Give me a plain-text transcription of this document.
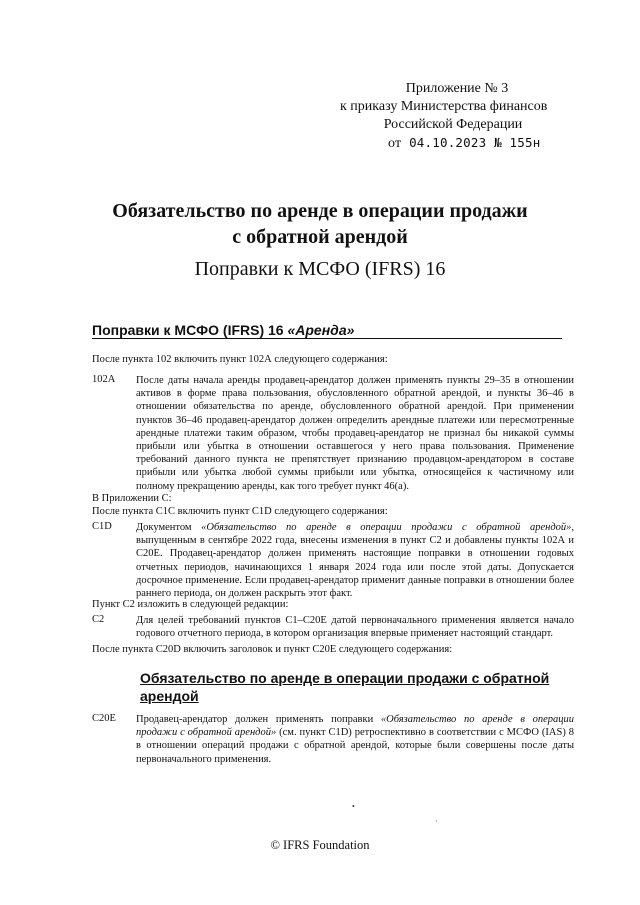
Приложение № 3
к приказу Министерства финансов
Российской Федерации
от 04.10.2023 № 155н
Обязательство по аренде в операции продажи
с обратной арендой
Поправки к МСФО (IFRS) 16
Поправки к МСФО (IFRS) 16 «Аренда»
После пункта 102 включить пункт 102А следующего содержания:
102А После даты начала аренды продавец-арендатор должен применять пункты 29–35 в отношении активов в форме права пользования, обусловленного обратной арендой, и пункты 36–46 в отношении обязательства по аренде, обусловленного обратной арендой. При применении пунктов 36–46 продавец-арендатор должен определить арендные платежи или пересмотренные арендные платежи таким образом, чтобы продавец-арендатор не признал бы никакой суммы прибыли или убытка в отношении оставшегося у него права пользования. Применение требований данного пункта не препятствует признанию продавцом-арендатором в составе прибыли или убытка любой суммы прибыли или убытка, относящейся к частичному или полному прекращению аренды, как того требует пункт 46(а).
В Приложении С:
После пункта С1С включить пункт С1D следующего содержания:
С1D Документом «Обязательство по аренде в операции продажи с обратной арендой», выпущенным в сентябре 2022 года, внесены изменения в пункт С2 и добавлены пункты 102А и С20Е. Продавец-арендатор должен применять настоящие поправки в отношении годовых отчетных периодов, начинающихся 1 января 2024 года или после этой даты. Допускается досрочное применение. Если продавец-арендатор применит данные поправки в отношении более раннего периода, он должен раскрыть этот факт.
Пункт С2 изложить в следующей редакции:
С2	Для целей требований пунктов С1–С20Е датой первоначального применения является начало годового отчетного периода, в котором организация впервые применяет настоящий стандарт.
После пункта С20D включить заголовок и пункт С20Е следующего содержания:
Обязательство по аренде в операции продажи с обратной арендой
С20Е Продавец-арендатор должен применять поправки «Обязательство по аренде в операции продажи с обратной арендой» (см. пункт С1D) ретроспективно в соответствии с МСФО (IAS) 8 в отношении операций продажи с обратной арендой, которые были совершены после даты первоначального применения.
•
·
© IFRS Foundation
